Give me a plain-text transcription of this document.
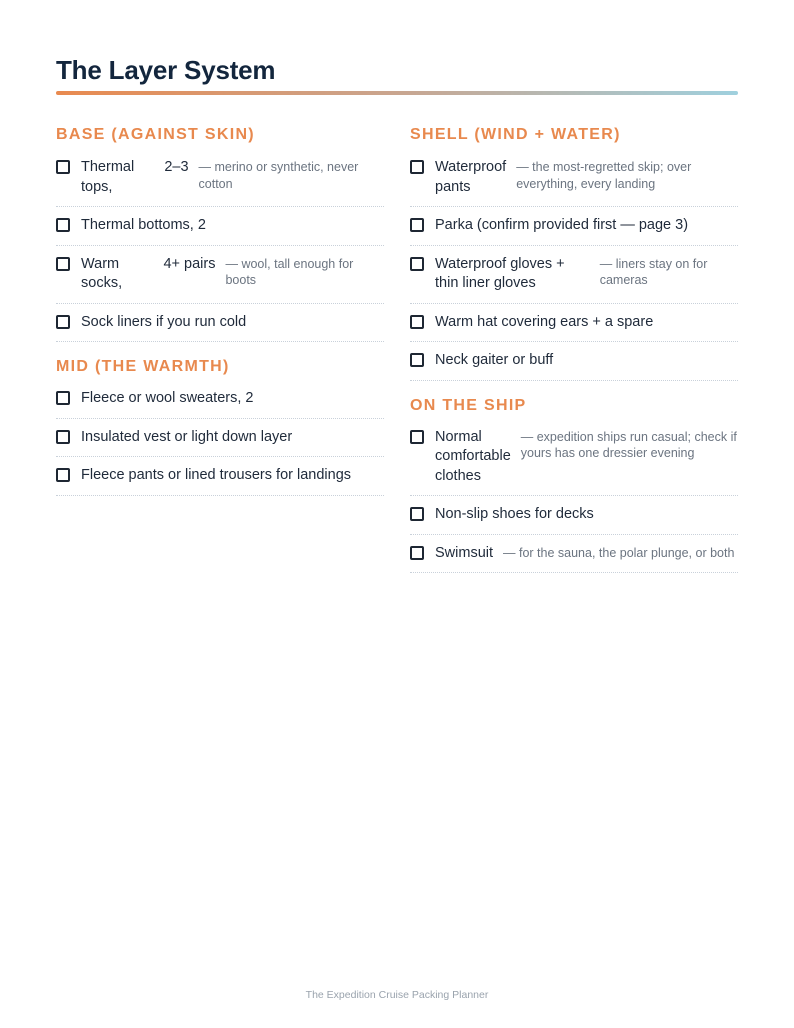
The Layer System
BASE (AGAINST SKIN)
Thermal tops,
2–3 — merino or synthetic, never cotton
Thermal bottoms, 2
Warm socks,
4+ pairs — wool, tall enough for boots
Sock liners if you run cold
MID (THE WARMTH)
Fleece or wool sweaters, 2
Insulated vest or light down layer
Fleece pants or lined trousers for landings
SHELL (WIND + WATER)
Waterproof pants
— the most-regretted skip; over everything, every landing
Parka (confirm provided first — page 3)
Waterproof gloves + thin liner gloves
— liners stay on for cameras
Warm hat covering ears + a spare
Neck gaiter or buff
ON THE SHIP
Normal comfortable clothes
— expedition ships run casual; check if yours has one dressier evening
Non-slip shoes for decks
Swimsuit — for the sauna, the polar plunge, or both
The Expedition Cruise Packing Planner
